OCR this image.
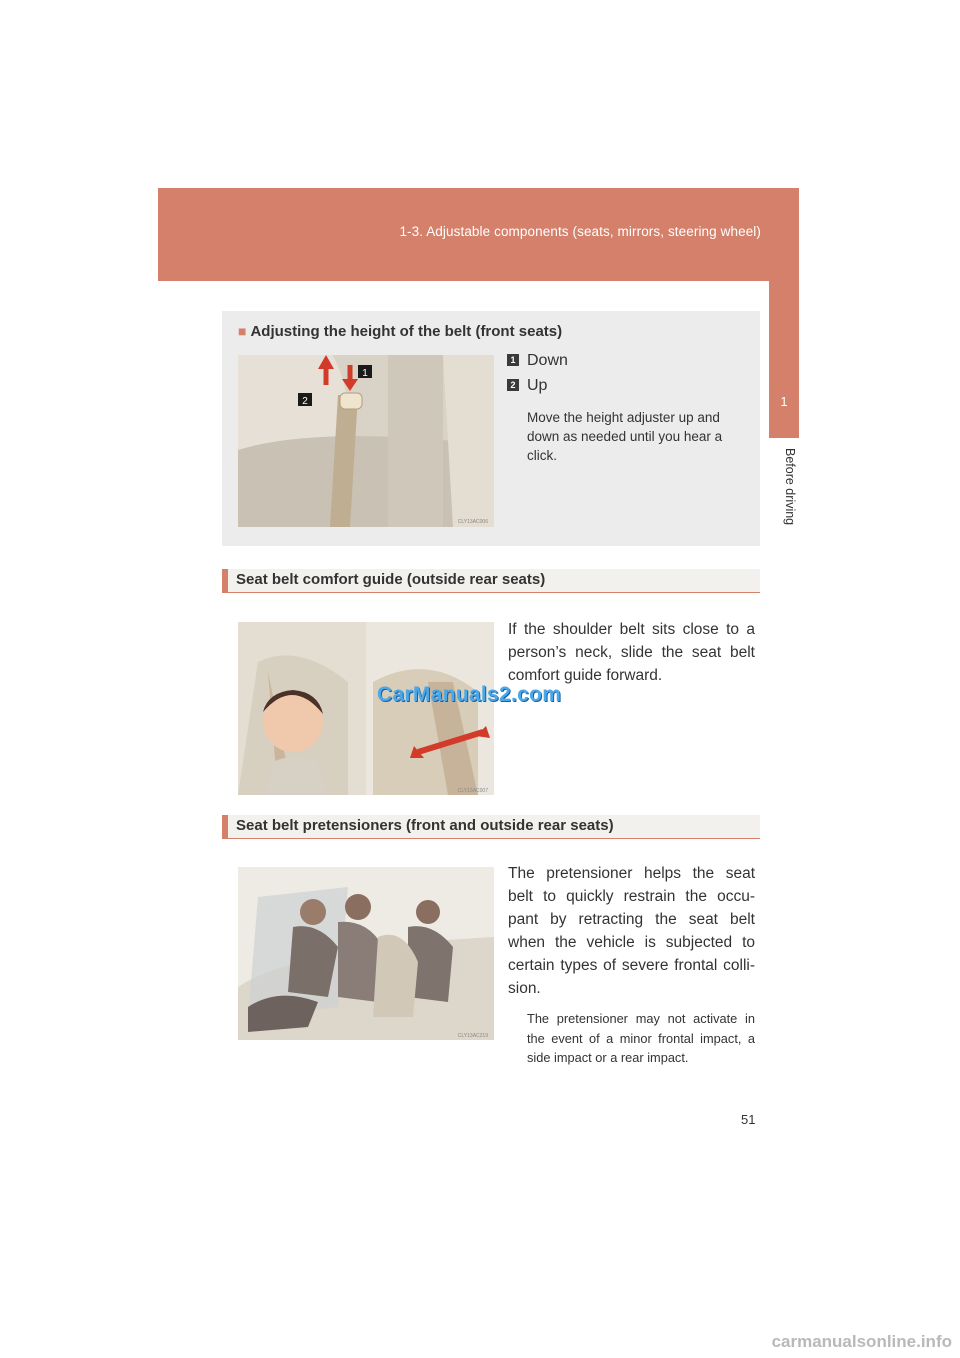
1-3. Adjustable components (seats, mirrors, steering wheel)
1
Before driving
■ Adjusting the height of the belt (front seats)
1
2
CLY13AC006
1 Down
2 Up
Move the height adjuster up and down as needed until you hear a click.
Seat belt comfort guide (outside rear seats)
CLY13AC007
If the shoulder belt sits close to a person’s neck, slide the seat belt comfort guide forward.
CarManuals2.com
Seat belt pretensioners (front and outside rear seats)
CLY13AC219
The pretensioner helps the seat belt to quickly restrain the occu-pant by retracting the seat belt when the vehicle is subjected to certain types of severe frontal colli-sion.
The pretensioner may not activate in the event of a minor frontal impact, a side impact or a rear impact.
51
carmanualsonline.info
